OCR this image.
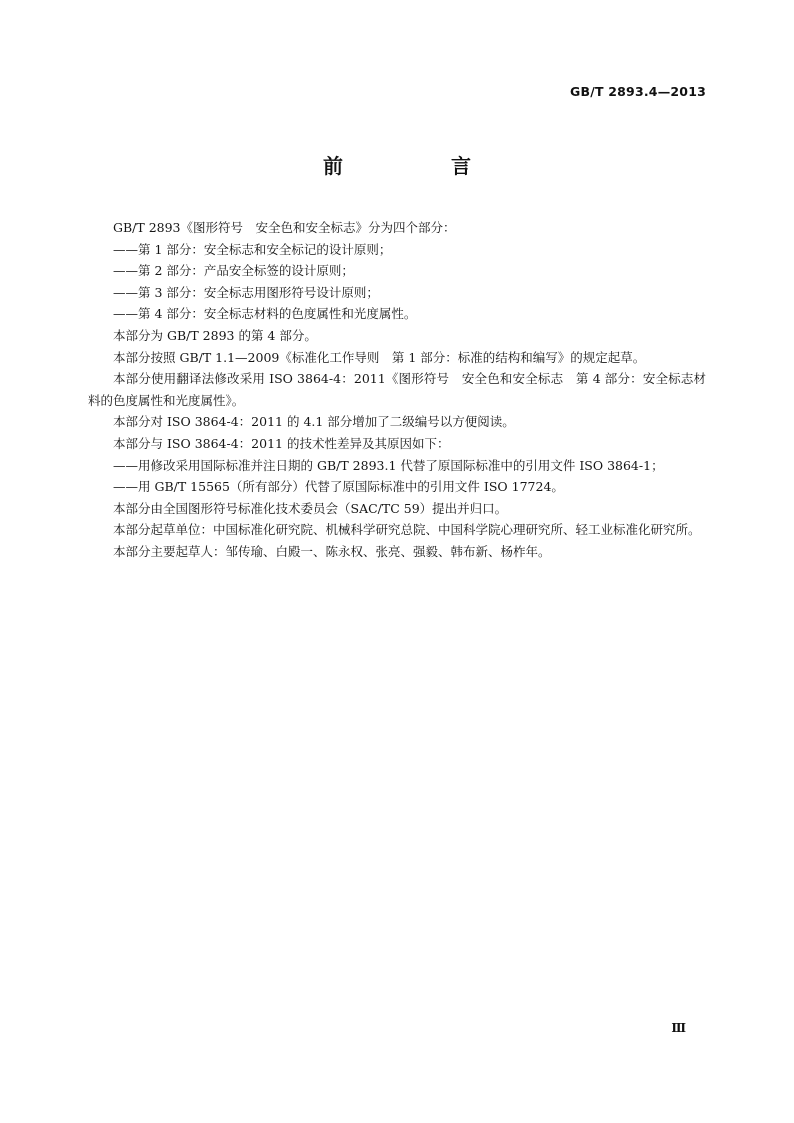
GB/T 2893.4—2013
前　言

GB/T 2893《图形符号　安全色和安全标志》分为四个部分：

——第 1 部分：安全标志和安全标记的设计原则；

——第 2 部分：产品安全标签的设计原则；

——第 3 部分：安全标志用图形符号设计原则；

——第 4 部分：安全标志材料的色度属性和光度属性。

本部分为 GB/T 2893 的第 4 部分。

本部分按照 GB/T 1.1—2009《标准化工作导则　第 1 部分：标准的结构和编写》的规定起草。

本部分使用翻译法修改采用 ISO 3864-4：2011《图形符号　安全色和安全标志　第 4 部分：安全标志材料的色度属性和光度属性》。

本部分对 ISO 3864-4：2011 的 4.1 部分增加了二级编号以方便阅读。

本部分与 ISO 3864-4：2011 的技术性差异及其原因如下：

——用修改采用国际标准并注日期的 GB/T 2893.1 代替了原国际标准中的引用文件 ISO 3864-1；

——用 GB/T 15565（所有部分）代替了原国际标准中的引用文件 ISO 17724。

本部分由全国图形符号标准化技术委员会（SAC/TC 59）提出并归口。

本部分起草单位：中国标准化研究院、机械科学研究总院、中国科学院心理研究所、轻工业标准化研究所。

本部分主要起草人：邹传瑜、白殿一、陈永权、张亮、强毅、韩布新、杨柞年。

Ⅲ
